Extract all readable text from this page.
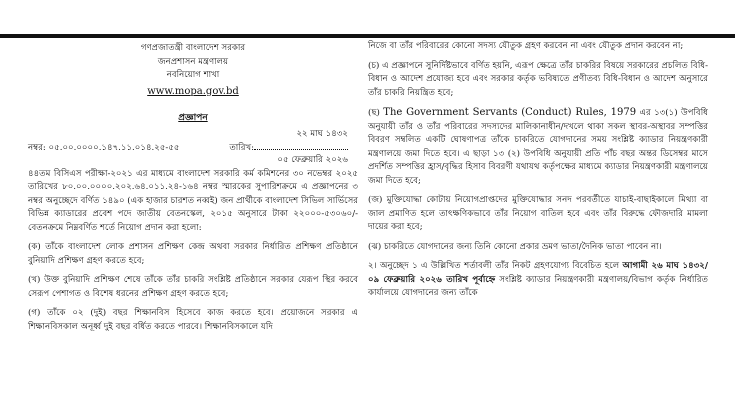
গণপ্রজাতন্ত্রী বাংলাদেশ সরকার
জনপ্রশাসন মন্ত্রণালয়
নবনিয়োগ শাখা
www.mopa.gov.bd
প্রজ্ঞাপন
২২ মাঘ ১৪৩২
নম্বর: ০৫.০০.০০০০.১৪৭.১১.০১৪.২৫-৫৫	তারিখ:
০৫ ফেব্রুয়ারি ২০২৬

৪৪তম বিসিএস পরীক্ষা-২০২১ এর মাধ্যমে বাংলাদেশ সরকারি কর্ম কমিশনের ৩০ নভেম্বর ২০২৫ তারিখের ৮০.০০.০০০০.২০২.৬৪.০১১.২৪-১৬৪ নম্বর স্মারকের সুপারিশক্রমে এ প্রজ্ঞাপনের ৩ নম্বর অনুচ্ছেদে বর্ণিত ১৪৯০ (এক হাজার চারশত নব্বই) জন প্রার্থীকে বাংলাদেশ সিভিল সার্ভিসের বিভিন্ন ক্যাডারের প্রবেশ পদে জাতীয় বেতনস্কেল, ২০১৫ অনুসারে টাকা ২২০০০-৫৩০৬০/- বেতনক্রমে নিম্নবর্ণিত শর্তে নিয়োগ প্রদান করা হলো:

(ক) তাঁকে বাংলাদেশ লোক প্রশাসন প্রশিক্ষণ কেন্দ্র অথবা সরকার নির্ধারিত প্রশিক্ষণ প্রতিষ্ঠানে বুনিয়াদি প্রশিক্ষণ গ্রহণ করতে হবে;

(খ) উক্ত বুনিয়াদি প্রশিক্ষণ শেষে তাঁকে তাঁর চাকরি সংশ্লিষ্ট প্রতিষ্ঠানে সরকার যেরূপ স্থির করবে সেরূপ পেশাগত ও বিশেষ ধরনের প্রশিক্ষণ গ্রহণ করতে হবে;

(গ) তাঁকে ০২ (দুই) বছর শিক্ষানবিস হিসেবে কাজ করতে হবে। প্রয়োজনে সরকার এ শিক্ষানবিসকাল অনূর্ধ্ব দুই বছর বর্ধিত করতে পারবে। শিক্ষানবিসকালে যদি

নিজে বা তাঁর পরিবারের কোনো সদস্য যৌতুক গ্রহণ করবেন না এবং যৌতুক প্রদান করবেন না;

(চ) এ প্রজ্ঞাপনে সুনির্দিষ্টভাবে বর্ণিত হয়নি, এরূপ ক্ষেত্রে তাঁর চাকরির বিষয়ে সরকারের প্রচলিত বিধি-বিধান ও আদেশ প্রযোজ্য হবে এবং সরকার কর্তৃক ভবিষ্যতে প্রণীতব্য বিধি-বিধান ও আদেশ অনুসারে তাঁর চাকরি নিয়ন্ত্রিত হবে;

(ছ) The Government Servants (Conduct) Rules, 1979 এর ১৩(১) উপবিধি অনুযায়ী তাঁর ও তাঁর পরিবারের সদস্যদের মালিকানাধীন/দখলে থাকা সকল স্থাবর-অস্থাবর সম্পত্তির বিবরণ সম্বলিত একটি ঘোষণাপত্র তাঁকে চাকরিতে যোগদানের সময় সংশ্লিষ্ট ক্যাডার নিয়ন্ত্রণকারী মন্ত্রণালয়ে জমা দিতে হবে। এ ছাড়া ১৩ (২) উপবিধি অনুযায়ী প্রতি পাঁচ বছর অন্তর ডিসেম্বর মাসে প্রদর্শিত সম্পত্তির হ্রাস/বৃদ্ধির হিসাব বিবরণী যথাযথ কর্তৃপক্ষের মাধ্যমে ক্যাডার নিয়ন্ত্রণকারী মন্ত্রণালয়ে জমা দিতে হবে;

(জ) মুক্তিযোদ্ধা কোটায় নিয়োগপ্রাপ্তদের মুক্তিযোদ্ধার সনদ পরবর্তীতে যাচাই-বাছাইকালে মিথ্যা বা জাল প্রমাণিত হলে তাৎক্ষণিকভাবে তাঁর নিয়োগ বাতিল হবে এবং তাঁর বিরুদ্ধে ফৌজদারি মামলা দায়ের করা হবে;

(ঝ) চাকরিতে যোগদানের জন্য তিনি কোনো প্রকার ভ্রমণ ভাতা/দৈনিক ভাতা পাবেন না।

২। অনুচ্ছেদ ১ এ উল্লিখিত শর্তাবলী তাঁর নিকট গ্রহণযোগ্য বিবেচিত হলে আগামী ২৬ মাঘ ১৪৩২/ ০৯ ফেব্রুয়ারি ২০২৬ তারিখ পূর্বাহ্নে সংশ্লিষ্ট ক্যাডার নিয়ন্ত্রণকারী মন্ত্রণালয়/বিভাগ কর্তৃক নির্ধারিত কার্যালয়ে যোগদানের জন্য তাঁকে
